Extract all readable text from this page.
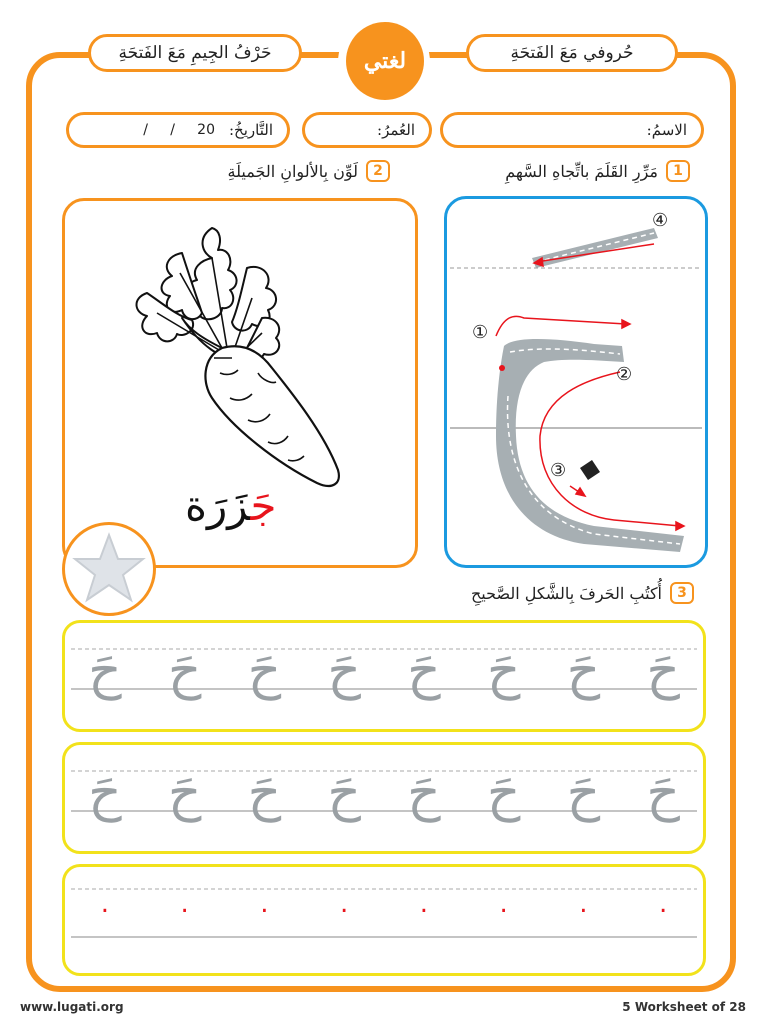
حَرْفُ الجِيمِ مَعَ الفَتحَةِ	حُروفي مَعَ الفَتحَةِ
لغتي
الاسمُ:
العُمرُ:
التَّاريخُ:
/     /     20
1
مَرِّرِ القَلَمَ باتِّجاهِ السَّهمِ
2
لَوِّن بِالألوانِ الجَميلَةِ
3
أُكتُبِ الحَرفَ بِالشَّكلِ الصَّحيحِ
جَزَرَة
④
①
②
③
حَ
حَ
حَ
حَ
حَ
حَ
حَ
حَ
حَ
حَ
حَ
حَ
حَ
حَ
حَ
حَ
.
.
.
.
.
.
.
.
www.lugati.org	5 Worksheet of 28
